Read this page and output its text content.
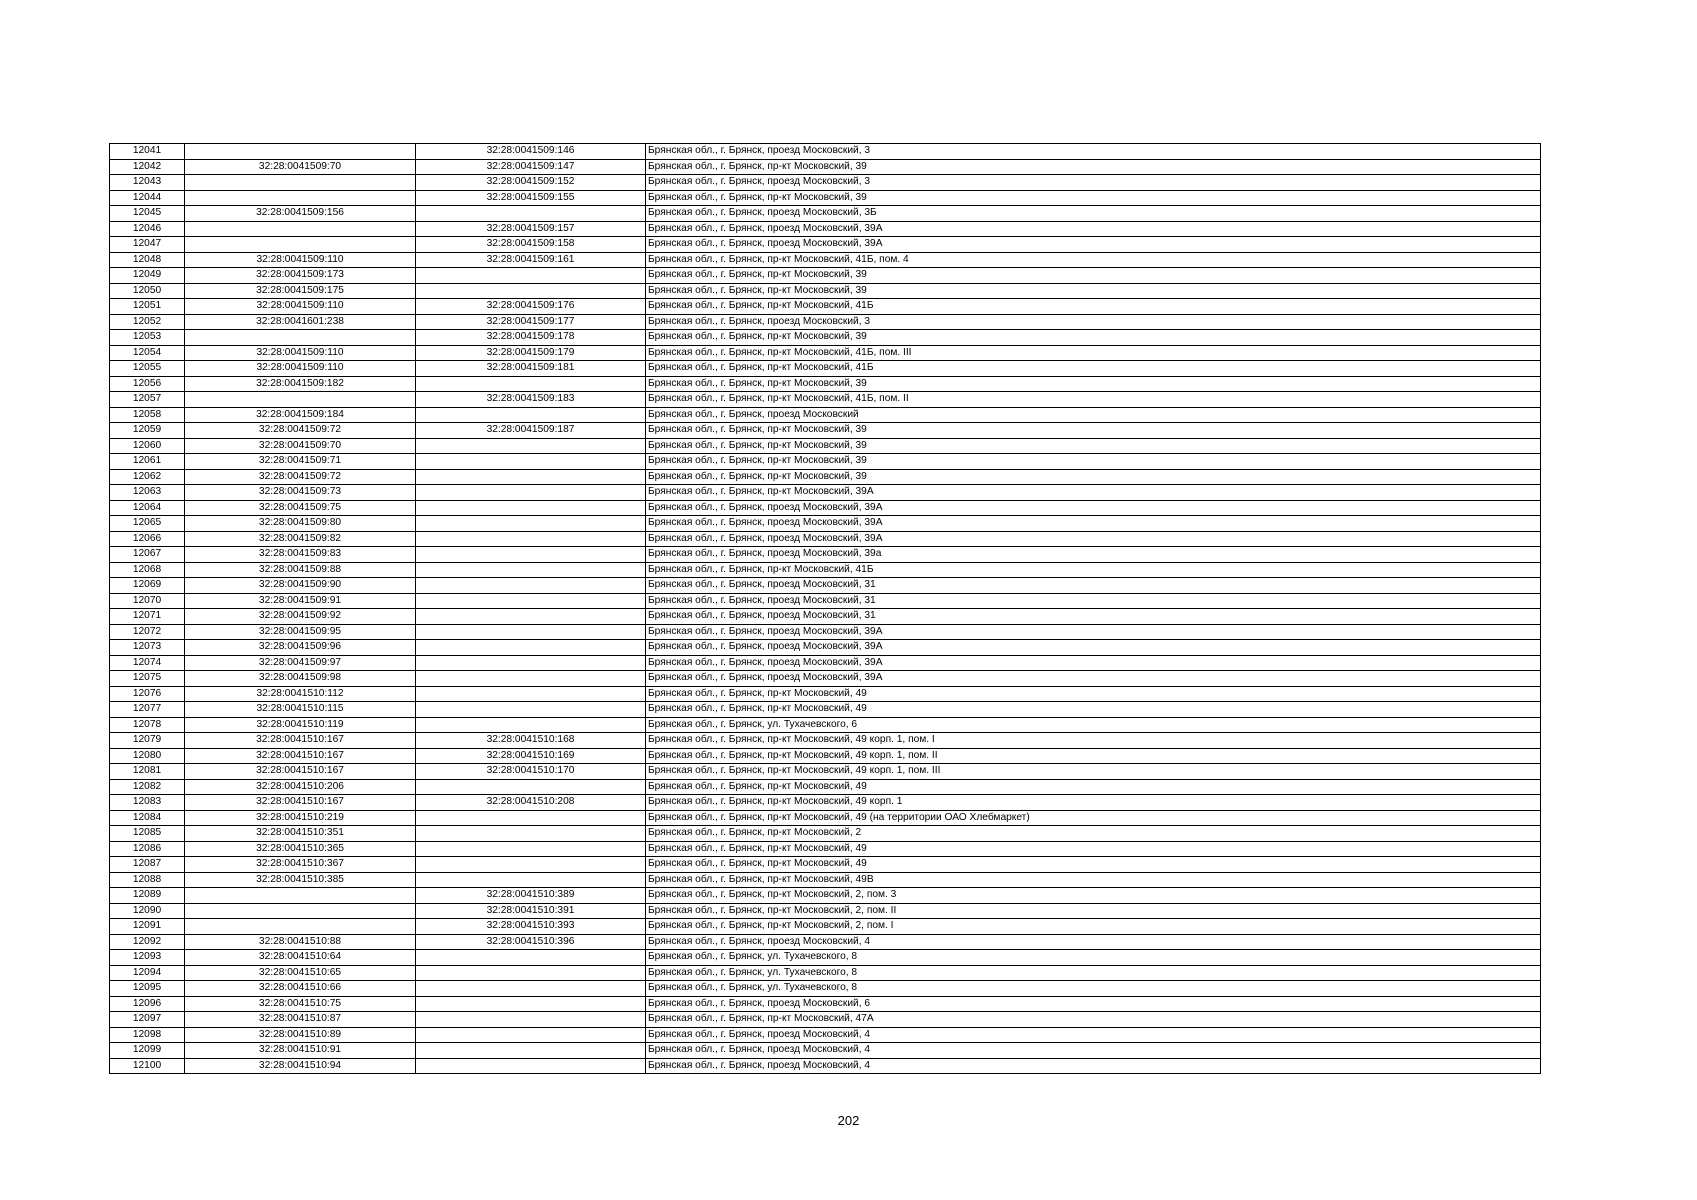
12041		32:28:0041509:146	Брянская обл., г. Брянск, проезд Московский, 3
12042	32:28:0041509:70	32:28:0041509:147	Брянская обл., г. Брянск, пр-кт Московский, 39
12043		32:28:0041509:152	Брянская обл., г. Брянск, проезд Московский, 3
12044		32:28:0041509:155	Брянская обл., г. Брянск, пр-кт Московский, 39
12045	32:28:0041509:156		Брянская обл., г. Брянск, проезд Московский, 3Б
12046		32:28:0041509:157	Брянская обл., г. Брянск, проезд Московский, 39А
12047		32:28:0041509:158	Брянская обл., г. Брянск, проезд Московский, 39А
12048	32:28:0041509:110	32:28:0041509:161	Брянская обл., г. Брянск, пр-кт Московский, 41Б, пом. 4
12049	32:28:0041509:173		Брянская обл., г. Брянск, пр-кт Московский, 39
12050	32:28:0041509:175		Брянская обл., г. Брянск, пр-кт Московский, 39
12051	32:28:0041509:110	32:28:0041509:176	Брянская обл., г. Брянск, пр-кт Московский, 41Б
12052	32:28:0041601:238	32:28:0041509:177	Брянская обл., г. Брянск, проезд Московский, 3
12053		32:28:0041509:178	Брянская обл., г. Брянск, пр-кт Московский, 39
12054	32:28:0041509:110	32:28:0041509:179	Брянская обл., г. Брянск, пр-кт Московский, 41Б, пом. III
12055	32:28:0041509:110	32:28:0041509:181	Брянская обл., г. Брянск, пр-кт Московский, 41Б
12056	32:28:0041509:182		Брянская обл., г. Брянск, пр-кт Московский, 39
12057		32:28:0041509:183	Брянская обл., г. Брянск, пр-кт Московский, 41Б, пом. II
12058	32:28:0041509:184		Брянская обл., г. Брянск, проезд Московский
12059	32:28:0041509:72	32:28:0041509:187	Брянская обл., г. Брянск, пр-кт Московский, 39
12060	32:28:0041509:70		Брянская обл., г. Брянск, пр-кт Московский, 39
12061	32:28:0041509:71		Брянская обл., г. Брянск, пр-кт Московский, 39
12062	32:28:0041509:72		Брянская обл., г. Брянск, пр-кт Московский, 39
12063	32:28:0041509:73		Брянская обл., г. Брянск, пр-кт Московский, 39А
12064	32:28:0041509:75		Брянская обл., г. Брянск, проезд Московский, 39А
12065	32:28:0041509:80		Брянская обл., г. Брянск, проезд Московский, 39А
12066	32:28:0041509:82		Брянская обл., г. Брянск, проезд Московский, 39А
12067	32:28:0041509:83		Брянская обл., г. Брянск, проезд Московский, 39а
12068	32:28:0041509:88		Брянская обл., г. Брянск, пр-кт Московский, 41Б
12069	32:28:0041509:90		Брянская обл., г. Брянск, проезд Московский, 31
12070	32:28:0041509:91		Брянская обл., г. Брянск, проезд Московский, 31
12071	32:28:0041509:92		Брянская обл., г. Брянск, проезд Московский, 31
12072	32:28:0041509:95		Брянская обл., г. Брянск, проезд Московский, 39А
12073	32:28:0041509:96		Брянская обл., г. Брянск, проезд Московский, 39А
12074	32:28:0041509:97		Брянская обл., г. Брянск, проезд Московский, 39А
12075	32:28:0041509:98		Брянская обл., г. Брянск, проезд Московский, 39А
12076	32:28:0041510:112		Брянская обл., г. Брянск, пр-кт Московский, 49
12077	32:28:0041510:115		Брянская обл., г. Брянск, пр-кт Московский, 49
12078	32:28:0041510:119		Брянская обл., г. Брянск, ул. Тухачевского, 6
12079	32:28:0041510:167	32:28:0041510:168	Брянская обл., г. Брянск, пр-кт Московский, 49 корп. 1, пом. I
12080	32:28:0041510:167	32:28:0041510:169	Брянская обл., г. Брянск, пр-кт Московский, 49 корп. 1, пом. II
12081	32:28:0041510:167	32:28:0041510:170	Брянская обл., г. Брянск, пр-кт Московский, 49 корп. 1, пом. III
12082	32:28:0041510:206		Брянская обл., г. Брянск, пр-кт Московский, 49
12083	32:28:0041510:167	32:28:0041510:208	Брянская обл., г. Брянск, пр-кт Московский, 49 корп. 1
12084	32:28:0041510:219		Брянская обл., г. Брянск, пр-кт Московский, 49 (на территории ОАО Хлебмаркет)
12085	32:28:0041510:351		Брянская обл., г. Брянск, пр-кт Московский, 2
12086	32:28:0041510:365		Брянская обл., г. Брянск, пр-кт Московский, 49
12087	32:28:0041510:367		Брянская обл., г. Брянск, пр-кт Московский, 49
12088	32:28:0041510:385		Брянская обл., г. Брянск, пр-кт Московский, 49В
12089		32:28:0041510:389	Брянская обл., г. Брянск, пр-кт Московский, 2, пом. 3
12090		32:28:0041510:391	Брянская обл., г. Брянск, пр-кт Московский, 2, пом. II
12091		32:28:0041510:393	Брянская обл., г. Брянск, пр-кт Московский, 2, пом. I
12092	32:28:0041510:88	32:28:0041510:396	Брянская обл., г. Брянск, проезд Московский, 4
12093	32:28:0041510:64		Брянская обл., г. Брянск, ул. Тухачевского, 8
12094	32:28:0041510:65		Брянская обл., г. Брянск, ул. Тухачевского, 8
12095	32:28:0041510:66		Брянская обл., г. Брянск, ул. Тухачевского, 8
12096	32:28:0041510:75		Брянская обл., г. Брянск, проезд Московский, 6
12097	32:28:0041510:87		Брянская обл., г. Брянск, пр-кт Московский, 47А
12098	32:28:0041510:89		Брянская обл., г. Брянск, проезд Московский, 4
12099	32:28:0041510:91		Брянская обл., г. Брянск, проезд Московский, 4
12100	32:28:0041510:94		Брянская обл., г. Брянск, проезд Московский, 4
202
